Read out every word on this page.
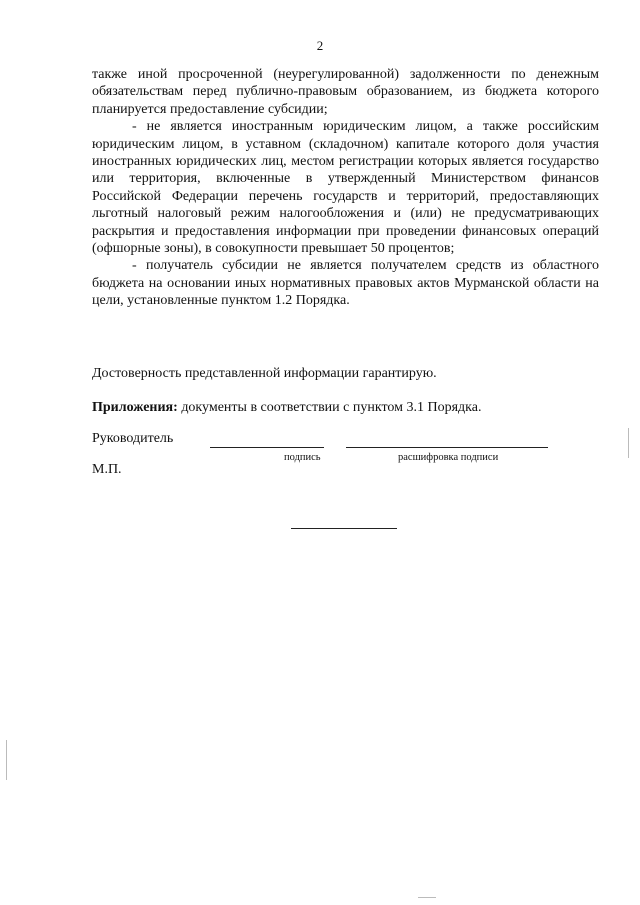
2

также иной просроченной (неурегулированной) задолженности по денежным обязательствам перед публично-правовым образованием, из бюджета которого планируется предоставление субсидии;

- не является иностранным юридическим лицом, а также российским юридическим лицом, в уставном (складочном) капитале которого доля участия иностранных юридических лиц, местом регистрации которых является государство или территория, включенные в утвержденный Министерством финансов Российской Федерации перечень государств и территорий, предоставляющих льготный налоговый режим налогообложения и (или) не предусматривающих раскрытия и предоставления информации при проведении финансовых операций (офшорные зоны), в совокупности превышает 50 процентов;

- получатель субсидии не является получателем средств из областного бюджета на основании иных нормативных правовых актов Мурманской области на цели, установленные пунктом 1.2 Порядка.

Достоверность представленной информации гарантирую.
Приложения: документы в соответствии с пунктом 3.1 Порядка.
Руководитель
подпись	расшифровка подписи
М.П.
